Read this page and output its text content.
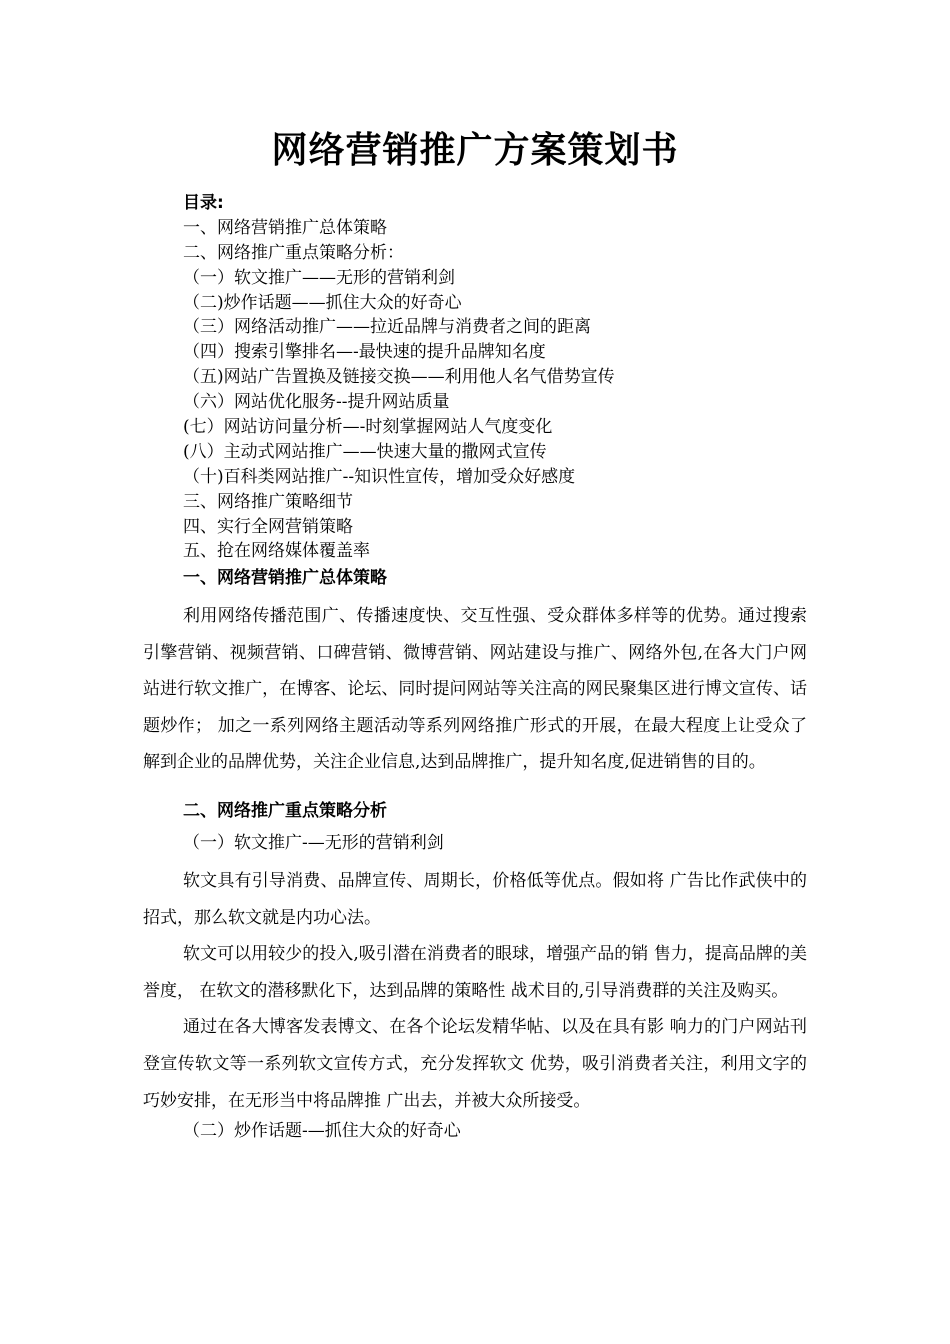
网络营销推广方案策划书
目录:
一、网络营销推广总体策略
二、网络推广重点策略分析：
（一）软文推广——无形的营销利剑
（二)炒作话题——抓住大众的好奇心
（三）网络活动推广——拉近品牌与消费者之间的距离
（四）搜索引擎排名—-最快速的提升品牌知名度
（五)网站广告置换及链接交换——利用他人名气借势宣传
（六）网站优化服务--提升网站质量
(七）网站访问量分析—-时刻掌握网站人气度变化
(八）主动式网站推广——快速大量的撒网式宣传
（十)百科类网站推广--知识性宣传，增加受众好感度
三、网络推广策略细节
四、实行全网营销策略
五、抢在网络媒体覆盖率
一、网络营销推广总体策略

利用网络传播范围广、传播速度快、交互性强、受众群体多样等的优势。通过搜索引擎营销、视频营销、口碑营销、微博营销、网站建设与推广、网络外包,在各大门户网站进行软文推广，在博客、论坛、同时提问网站等关注高的网民聚集区进行博文宣传、话题炒作； 加之一系列网络主题活动等系列网络推广形式的开展，在最大程度上让受众了解到企业的品牌优势，关注企业信息,达到品牌推广，提升知名度,促进销售的目的。

二、网络推广重点策略分析
（一）软文推广-—无形的营销利剑

软文具有引导消费、品牌宣传、周期长，价格低等优点。假如将 广告比作武侠中的招式，那么软文就是内功心法。

软文可以用较少的投入,吸引潜在消费者的眼球，增强产品的销 售力，提高品牌的美誉度， 在软文的潜移默化下，达到品牌的策略性 战术目的,引导消费群的关注及购买。

通过在各大博客发表博文、在各个论坛发精华帖、以及在具有影 响力的门户网站刊登宣传软文等一系列软文宣传方式，充分发挥软文 优势，吸引消费者关注，利用文字的巧妙安排，在无形当中将品牌推 广出去，并被大众所接受。

（二）炒作话题-—抓住大众的好奇心
